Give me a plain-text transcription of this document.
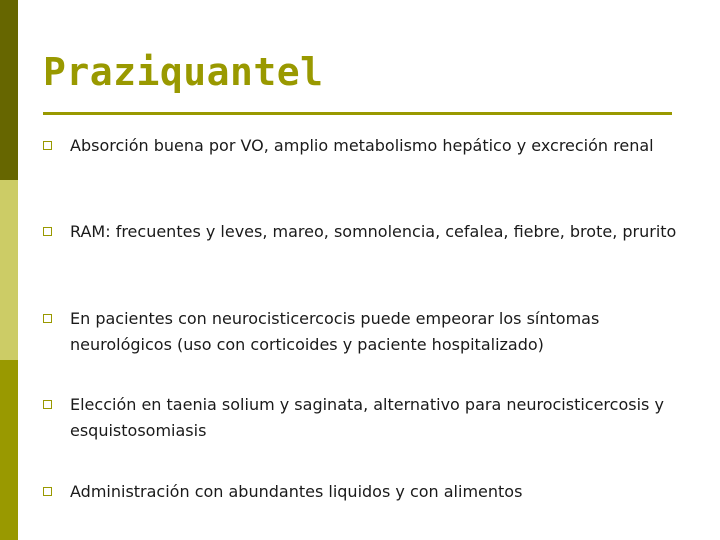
Praziquantel
Absorción buena por VO, amplio metabolismo hepático y excreción renal
RAM: frecuentes y leves, mareo, somnolencia, cefalea, fiebre, brote, prurito
En pacientes con neurocisticercocis puede empeorar los síntomas neurológicos (uso con corticoides y paciente hospitalizado)
Elección en taenia solium y saginata, alternativo para neurocisticercosis y esquistosomiasis
Administración con abundantes liquidos y con alimentos
